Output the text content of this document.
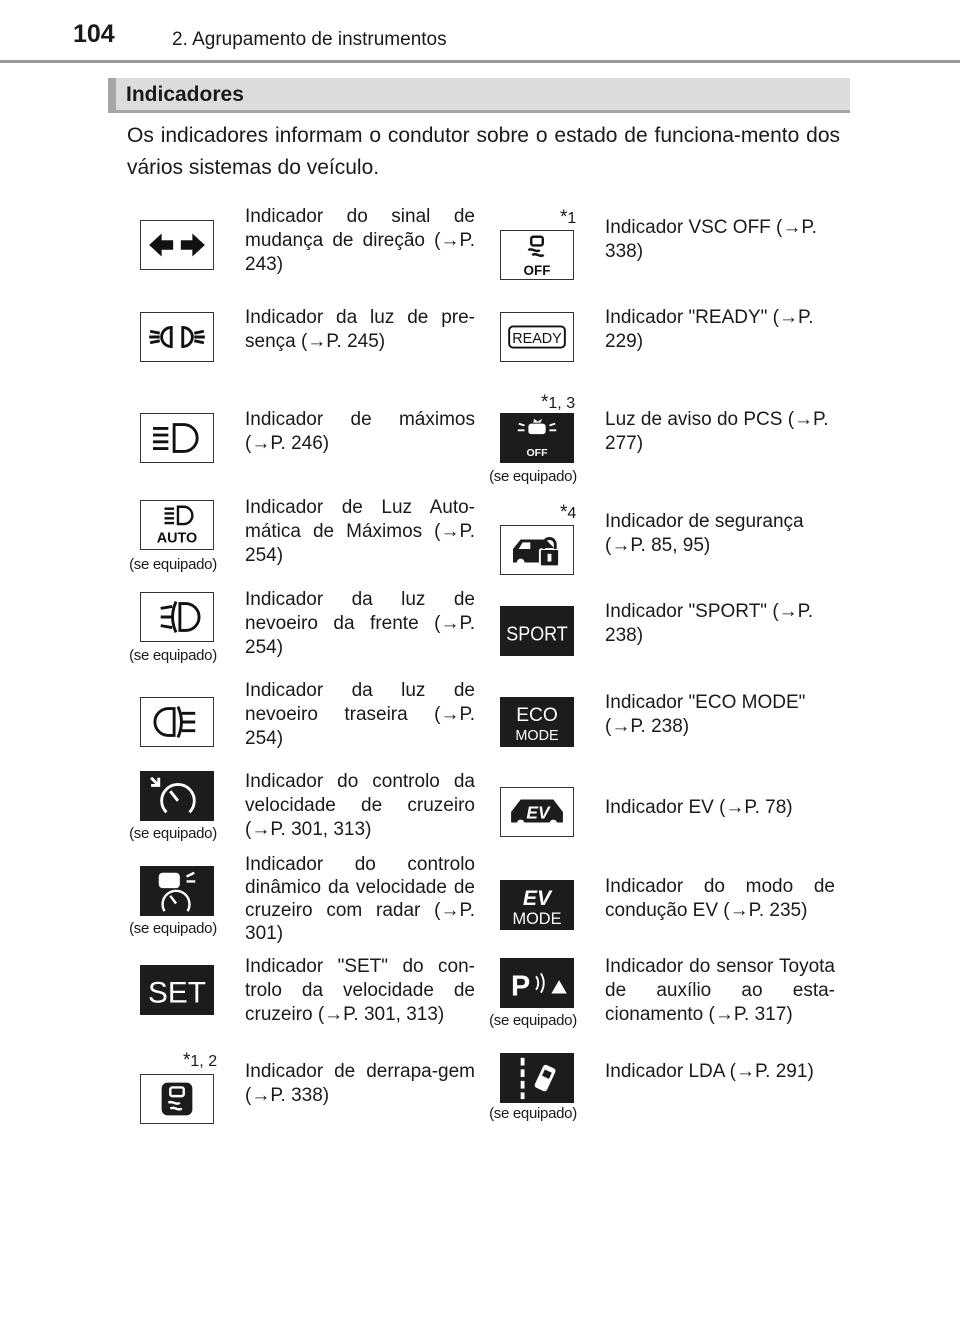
104	2. Agrupamento de instrumentos
Indicadores
Os indicadores informam o condutor sobre o estado de funciona-mento dos vários sistemas do veículo.
Indicador do sinal de mudança de direção (→P. 243)
Indicador da luz de pre-sença (→P. 245)
Indicador de máximos (→P. 246)
AUTO
(se equipado)
Indicador de Luz Auto-mática de Máximos (→P. 254)
(se equipado)
Indicador da luz de nevoeiro da frente (→P. 254)
Indicador da luz de nevoeiro traseira (→P. 254)
(se equipado)
Indicador do controlo da velocidade de cruzeiro (→P. 301, 313)
(se equipado)
Indicador do controlo dinâmico da velocidade de cruzeiro com radar (→P. 301)
SET
Indicador "SET" do con-trolo da velocidade de cruzeiro (→P. 301, 313)
*1, 2 Indicador de derrapa-gem (→P. 338)
*1
OFF
Indicador VSC OFF (→P. 338)
READY
Indicador "READY" (→P. 229)
*1, 3
OFF
(se equipado)
Luz de aviso do PCS (→P. 277)
*4 Indicador de segurança (→P. 85, 95)
SPORT
Indicador "SPORT" (→P. 238)
ECO
MODE
Indicador "ECO MODE" (→P. 238)
EV	Indicador EV (→P. 78)
EV
MODE
Indicador do modo de condução EV (→P. 235)
P
(se equipado)
Indicador do sensor Toyota de auxílio ao esta-cionamento (→P. 317)
(se equipado)
Indicador LDA (→P. 291)
